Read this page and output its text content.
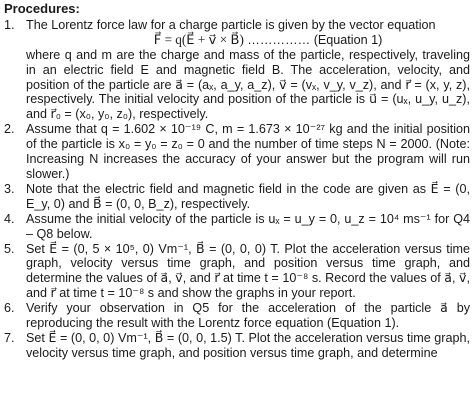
Procedures:
1. The Lorentz force law for a charge particle is given by the vector equation
F⃗ = q(E⃗ + v⃗ × B⃗) …………… (Equation 1)
where q and m are the charge and mass of the particle, respectively, traveling in an electric field E and magnetic field B. The acceleration, velocity, and position of the particle are a⃗ = (aₓ, a_y, a_z), v⃗ = (vₓ, v_y, v_z), and r⃗ = (x, y, z), respectively. The initial velocity and position of the particle is u⃗ = (uₓ, u_y, u_z), and r⃗₀ = (x₀, y₀, z₀), respectively.
2. Assume that q = 1.602 × 10⁻¹⁹ C, m = 1.673 × 10⁻²⁷ kg and the initial position of the particle is x₀ = y₀ = z₀ = 0 and the number of time steps N = 2000. (Note: Increasing N increases the accuracy of your answer but the program will run slower.)
3. Note that the electric field and magnetic field in the code are given as E⃗ = (0, E_y, 0) and B⃗ = (0, 0, B_z), respectively.
4. Assume the initial velocity of the particle is uₓ = u_y = 0, u_z = 10⁴ ms⁻¹ for Q4 – Q8 below.
5. Set E⃗ = (0, 5 × 10⁵, 0) Vm⁻¹, B⃗ = (0, 0, 0) T. Plot the acceleration versus time graph, velocity versus time graph, and position versus time graph, and determine the values of a⃗, v⃗, and r⃗ at time t = 10⁻⁸ s. Record the values of a⃗, v⃗, and r⃗ at time t = 10⁻⁸ s and show the graphs in your report.
6. Verify your observation in Q5 for the acceleration of the particle a⃗ by reproducing the result with the Lorentz force equation (Equation 1).
7. Set E⃗ = (0, 0, 0) Vm⁻¹, B⃗ = (0, 0, 1.5) T. Plot the acceleration versus time graph, velocity versus time graph, and position versus time graph, and determine
